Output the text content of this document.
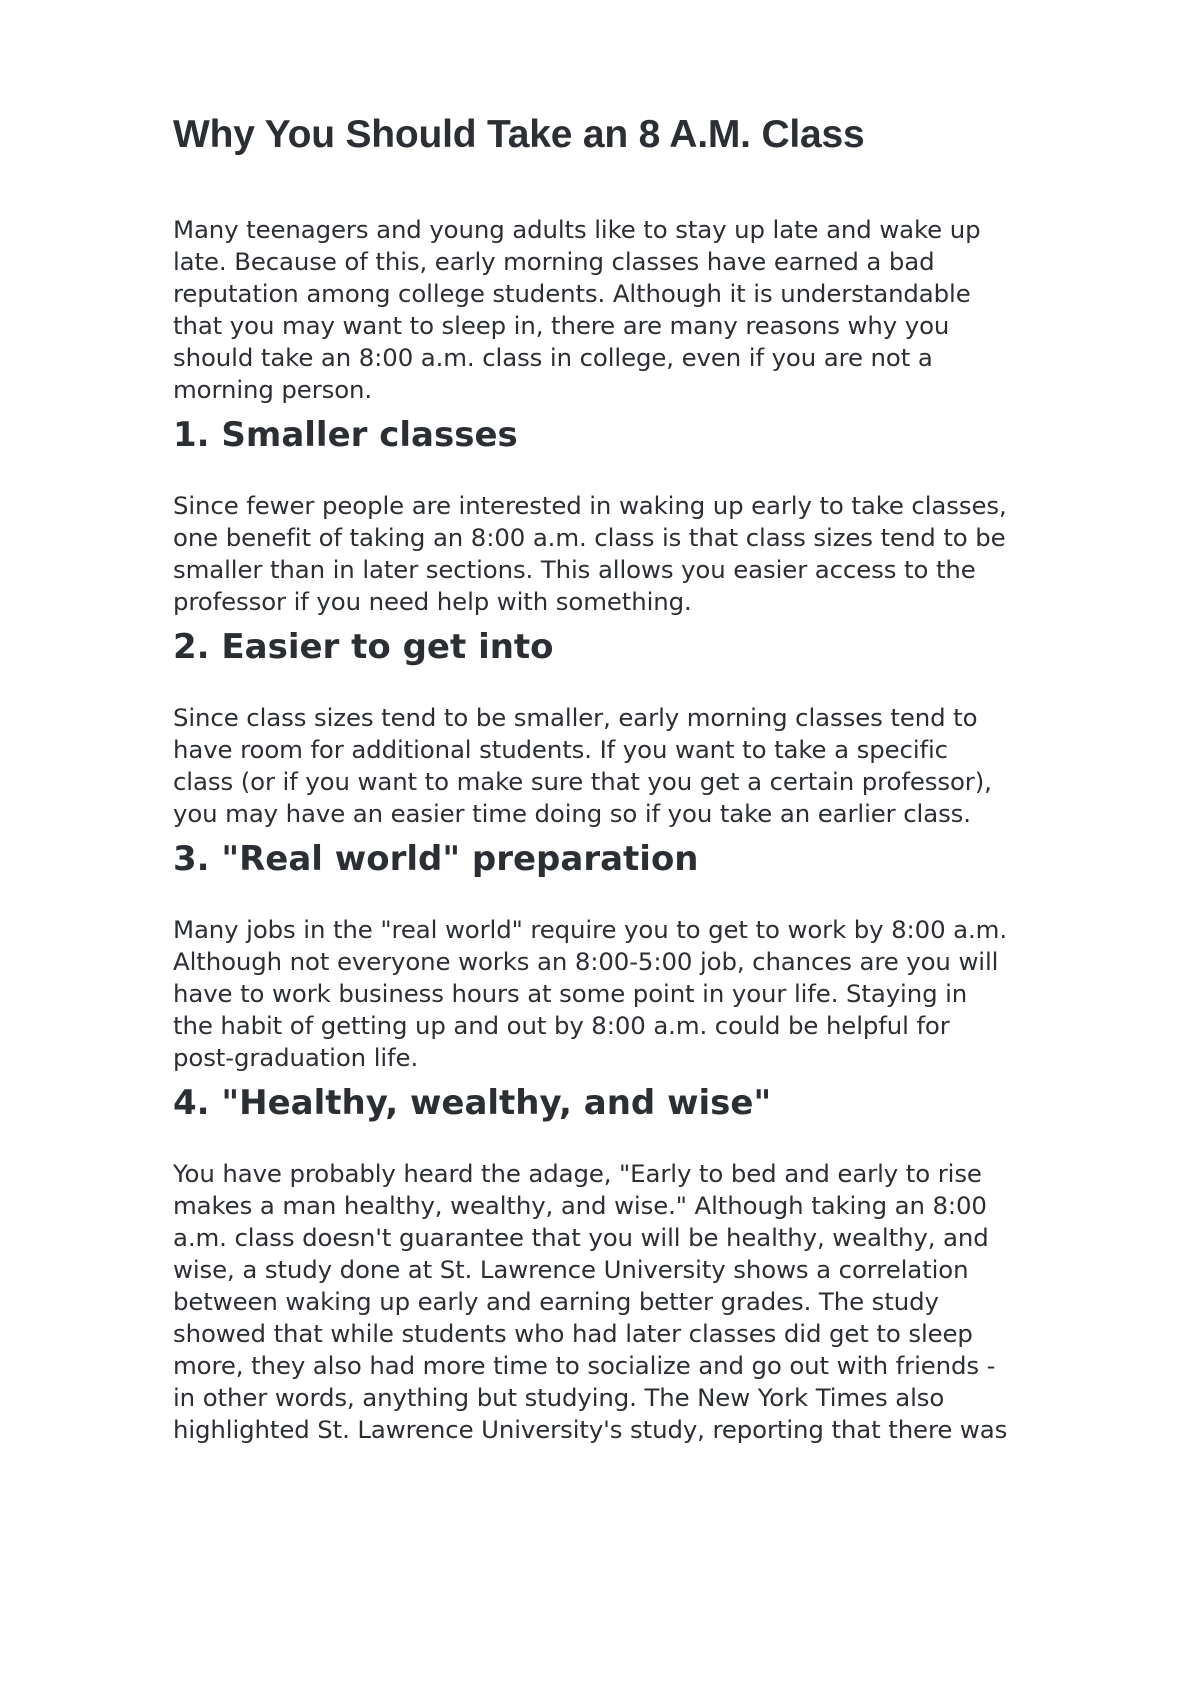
Why You Should Take an 8 A.M. Class

Many teenagers and young adults like to stay up late and wake up
late. Because of this, early morning classes have earned a bad
reputation among college students. Although it is understandable
that you may want to sleep in, there are many reasons why you
should take an 8:00 a.m. class in college, even if you are not a
morning person.

1. Smaller classes

Since fewer people are interested in waking up early to take classes,
one benefit of taking an 8:00 a.m. class is that class sizes tend to be
smaller than in later sections. This allows you easier access to the
professor if you need help with something.

2. Easier to get into

Since class sizes tend to be smaller, early morning classes tend to
have room for additional students. If you want to take a specific
class (or if you want to make sure that you get a certain professor),
you may have an easier time doing so if you take an earlier class.

3. "Real world" preparation

Many jobs in the "real world" require you to get to work by 8:00 a.m.
Although not everyone works an 8:00-5:00 job, chances are you will
have to work business hours at some point in your life. Staying in
the habit of getting up and out by 8:00 a.m. could be helpful for
post-graduation life.

4. "Healthy, wealthy, and wise"

You have probably heard the adage, "Early to bed and early to rise
makes a man healthy, wealthy, and wise." Although taking an 8:00
a.m. class doesn't guarantee that you will be healthy, wealthy, and
wise, a study done at St. Lawrence University shows a correlation
between waking up early and earning better grades. The study
showed that while students who had later classes did get to sleep
more, they also had more time to socialize and go out with friends -
in other words, anything but studying. The New York Times also
highlighted St. Lawrence University's study, reporting that there was
